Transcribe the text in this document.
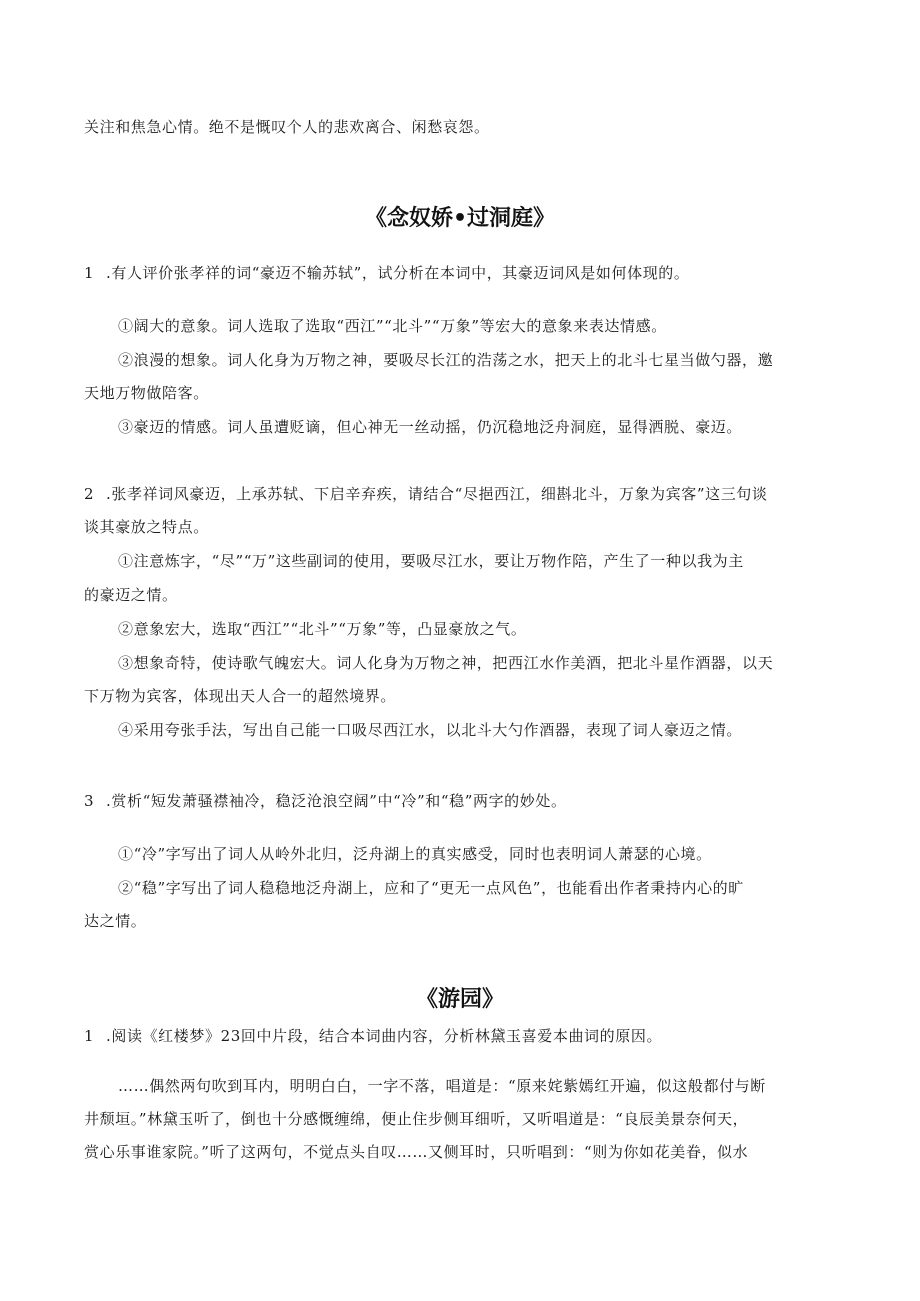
关注和焦急心情。绝不是慨叹个人的悲欢离合、闲愁哀怨。
《念奴娇•过洞庭》
1 .有人评价张孝祥的词“豪迈不输苏轼”，试分析在本词中，其豪迈词风是如何体现的。
①阔大的意象。词人选取了选取“西江”“北斗”“万象”等宏大的意象来表达情感。
②浪漫的想象。词人化身为万物之神，要吸尽长江的浩荡之水，把天上的北斗七星当做勺器，邀
天地万物做陪客。
③豪迈的情感。词人虽遭贬谪，但心神无一丝动摇，仍沉稳地泛舟洞庭，显得洒脱、豪迈。
2 .张孝祥词风豪迈，上承苏轼、下启辛弃疾，请结合“尽挹西江，细斟北斗，万象为宾客”这三句谈
谈其豪放之特点。
①注意炼字，“尽”“万”这些副词的使用，要吸尽江水，要让万物作陪，产生了一种以我为主
的豪迈之情。
②意象宏大，选取“西江”“北斗”“万象”等，凸显豪放之气。
③想象奇特，使诗歌气魄宏大。词人化身为万物之神，把西江水作美酒，把北斗星作酒器，以天
下万物为宾客，体现出天人合一的超然境界。
④采用夸张手法，写出自己能一口吸尽西江水，以北斗大勺作酒器，表现了词人豪迈之情。
3 .赏析“短发萧骚襟袖冷，稳泛沧浪空阔”中“冷”和“稳”两字的妙处。
①“冷”字写出了词人从岭外北归，泛舟湖上的真实感受，同时也表明词人萧瑟的心境。
②“稳”字写出了词人稳稳地泛舟湖上，应和了“更无一点风色”，也能看出作者秉持内心的旷
达之情。
《游园》
1 .阅读《红楼梦》23回中片段，结合本词曲内容，分析林黛玉喜爱本曲词的原因。
……偶然两句吹到耳内，明明白白，一字不落，唱道是：“原来姹紫嫣红开遍，似这般都付与断
井颓垣。”林黛玉听了，倒也十分感慨缠绵，便止住步侧耳细听，又听唱道是：“良辰美景奈何天，
赏心乐事谁家院。”听了这两句，不觉点头自叹……又侧耳时，只听唱到：“则为你如花美眷，似水
